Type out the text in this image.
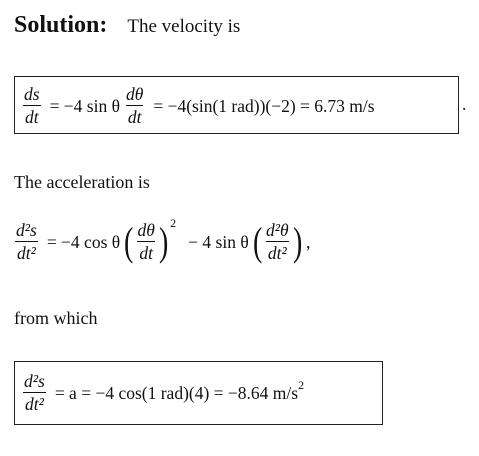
Solution: The velocity is
$\frac{ds}{dt} = -4$ sin θ $\frac{d\theta}{dt} = -4(\sin(1$ rad))(−2) = 6.73 m/s	.
The acceleration is
$\frac{\text{d²s}}{\text{dt²}} = -4$ cos θ ( $\frac{d\theta}{dt}$ ) 2
− 4 sin θ ( $\frac{\text{d²θ}}{\text{dt²}}$ ) ,
from which
$\frac{\text{d²s}}{\text{dt²}} = a = -4$ cos(1 rad)(4) = −8.64 m/s 2
